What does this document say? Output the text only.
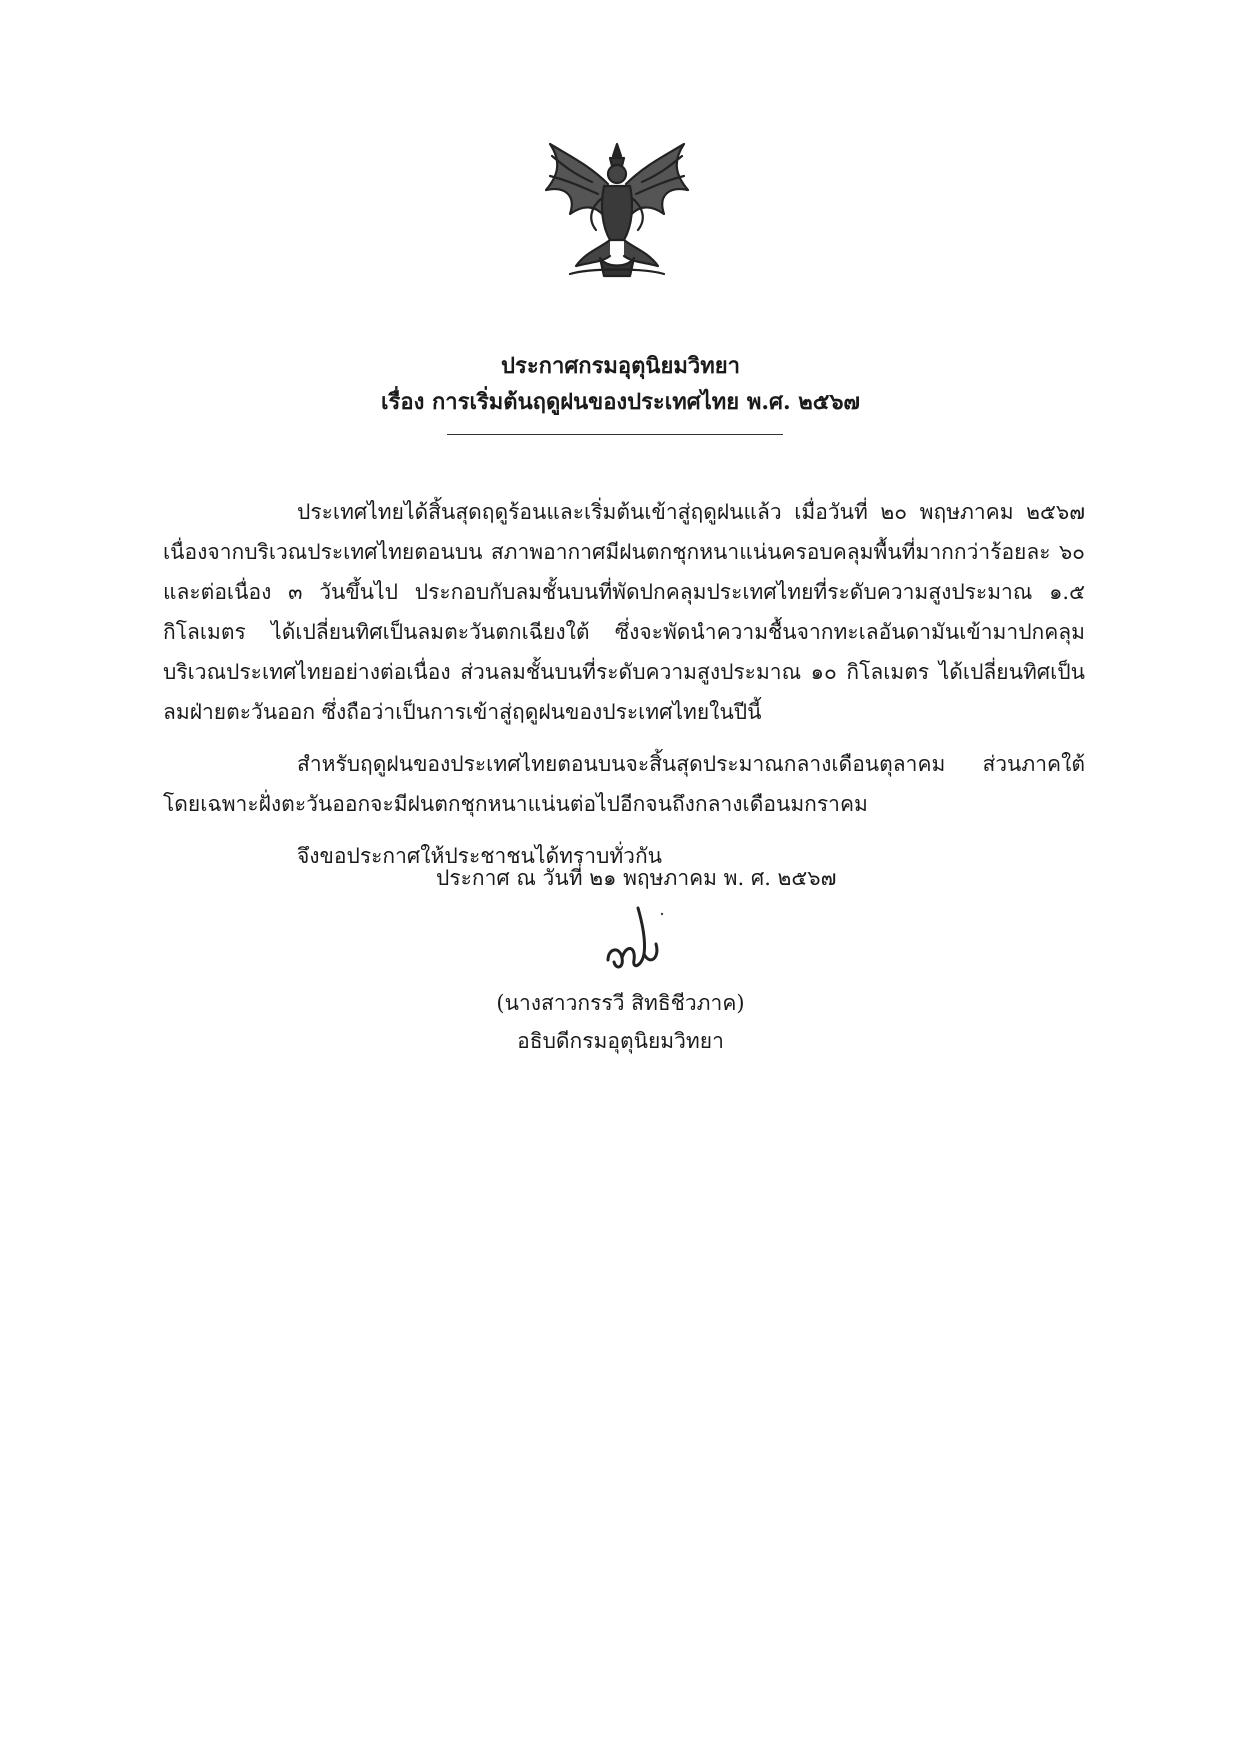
ประกาศกรมอุตุนิยมวิทยา

เรื่อง การเริ่มต้นฤดูฝนของประเทศไทย พ.ศ. ๒๕๖๗

ประเทศไทยได้สิ้นสุดฤดูร้อนและเริ่มต้นเข้าสู่ฤดูฝนแล้ว เมื่อวันที่ ๒๐ พฤษภาคม ๒๕๖๗ เนื่องจากบริเวณประเทศไทยตอนบน สภาพอากาศมีฝนตกชุกหนาแน่นครอบคลุมพื้นที่มากกว่าร้อยละ ๖๐ และต่อเนื่อง ๓ วันขึ้นไป ประกอบกับลมชั้นบนที่พัดปกคลุมประเทศไทยที่ระดับความสูงประมาณ ๑.๕ กิโลเมตร ได้เปลี่ยนทิศเป็นลมตะวันตกเฉียงใต้ ซึ่งจะพัดนำความชื้นจากทะเลอันดามันเข้ามาปกคลุมบริเวณประเทศไทยอย่างต่อเนื่อง ส่วนลมชั้นบนที่ระดับความสูงประมาณ ๑๐ กิโลเมตร ได้เปลี่ยนทิศเป็นลมฝ่ายตะวันออก ซึ่งถือว่าเป็นการเข้าสู่ฤดูฝนของประเทศไทยในปีนี้

สำหรับฤดูฝนของประเทศไทยตอนบนจะสิ้นสุดประมาณกลางเดือนตุลาคม ส่วนภาคใต้โดยเฉพาะฝั่งตะวันออกจะมีฝนตกชุกหนาแน่นต่อไปอีกจนถึงกลางเดือนมกราคม

จึงขอประกาศให้ประชาชนได้ทราบทั่วกัน

ประกาศ ณ วันที่ ๒๑ พฤษภาคม พ. ศ. ๒๕๖๗
(นางสาวกรรวี สิทธิชีวภาค)
อธิบดีกรมอุตุนิยมวิทยา
